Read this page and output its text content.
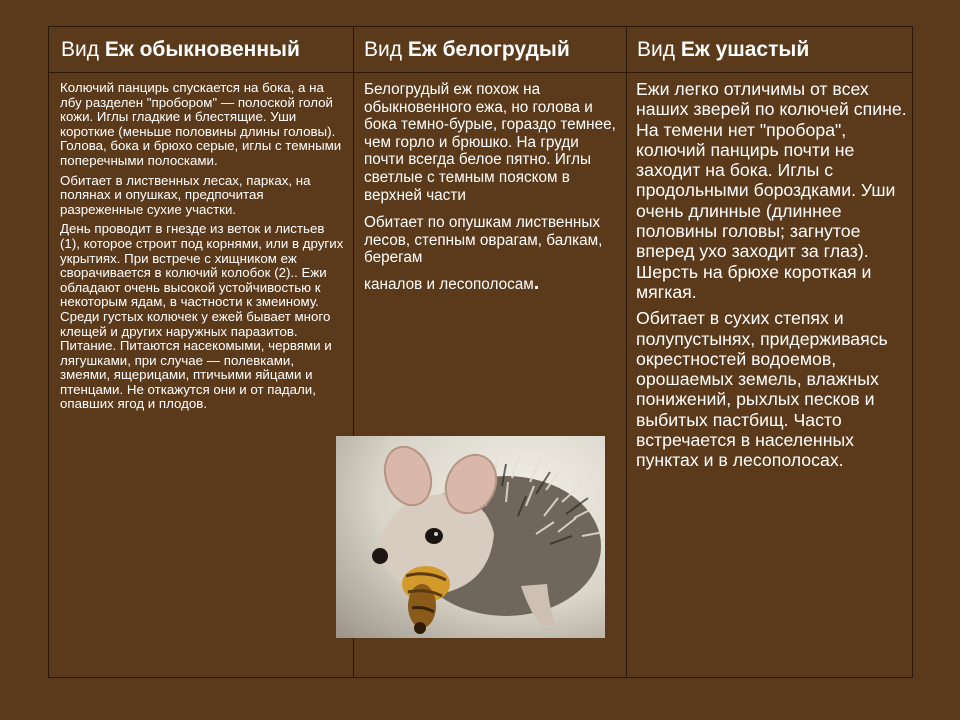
Вид
Еж обыкновенный	Вид
Еж белогрудый	Вид
Еж ушастый

Колючий панцирь спускается на бока, а на лбу разделен "пробором" — полоской голой кожи. Иглы гладкие и блестящие. Уши короткие (меньше половины длины головы). Голова, бока и брюхо серые, иглы с темными поперечными полосками.

Обитает в лиственных лесах, парках, на полянах и опушках, предпочитая разреженные сухие участки.

День проводит в гнезде из веток и листьев (1), которое строит под корнями, или в других укрытиях. При встрече с хищником еж сворачивается в колючий колобок (2).. Ежи обладают очень высокой устойчивостью к некоторым ядам, в частности к змеиному. Среди густых колючек у ежей бывает много клещей и других наружных паразитов. Питание. Питаются насекомыми, червями и лягушками, при случае — полевками, змеями, ящерицами, птичьими яйцами и птенцами. Не откажутся они и от падали, опавших ягод и плодов.

Белогрудый еж похож на обыкновенного ежа, но голова и бока темно-бурые, гораздо темнее, чем горло и брюшко. На груди почти всегда белое пятно. Иглы светлые с темным пояском в верхней части

Обитает по опушкам лиственных лесов, степным оврагам, балкам, берегам

каналов и лесополосам.

Ежи легко отличимы от всех наших зверей по колючей спине. На темени нет "пробора", колючий панцирь почти не заходит на бока. Иглы с продольными бороздками. Уши очень длинные (длиннее половины головы; загнутое вперед ухо заходит за глаз). Шерсть на брюхе короткая и мягкая.

Обитает в сухих степях и полупустынях, придерживаясь окрестностей водоемов, орошаемых земель, влажных понижений, рыхлых песков и выбитых пастбищ. Часто встречается в населенных пунктах и в лесополосах.
